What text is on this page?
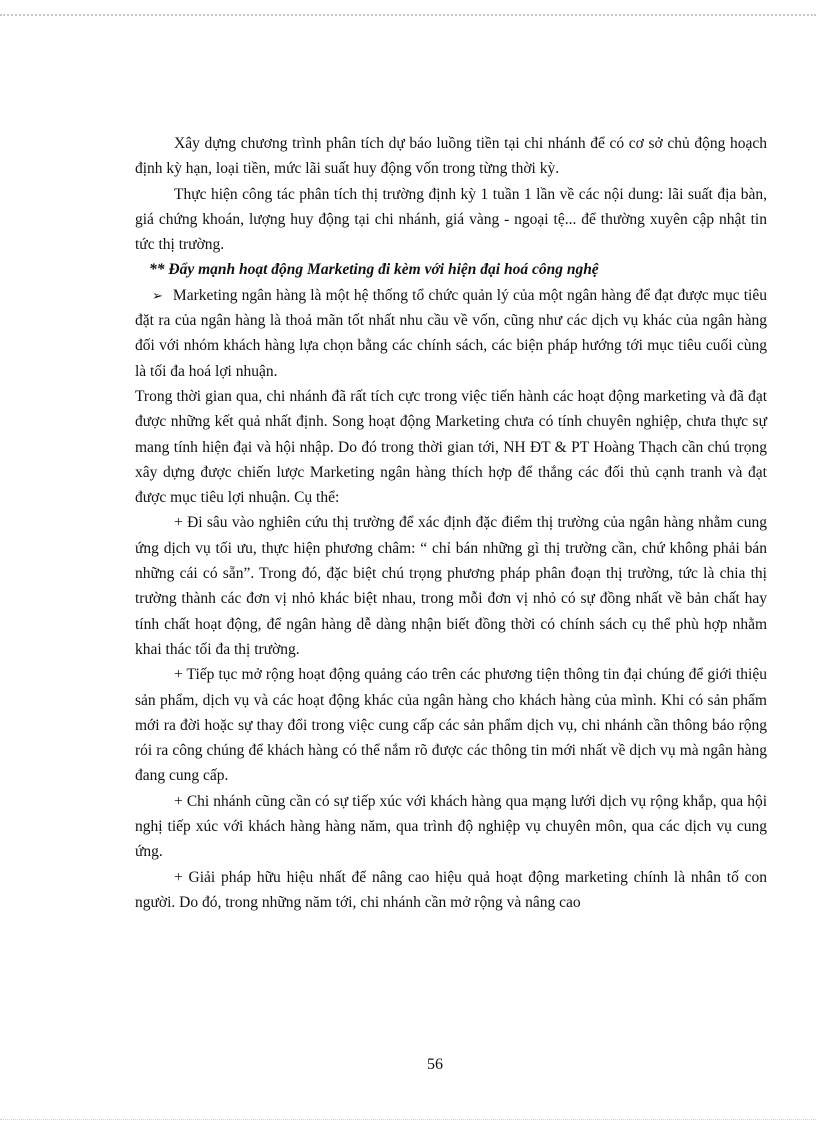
Xây dựng chương trình phân tích dự báo luồng tiền tại chi nhánh để có cơ sở chủ động hoạch định kỳ hạn, loại tiền, mức lãi suất huy động vốn trong từng thời kỳ.

Thực hiện công tác phân tích thị trường định kỳ 1 tuần 1 lần về các nội dung: lãi suất địa bàn, giá chứng khoán, lượng huy động tại chi nhánh, giá vàng - ngoại tệ... để thường xuyên cập nhật tin tức thị trường.

** Đẩy mạnh hoạt động Marketing đi kèm với hiện đại hoá công nghệ

➢ Marketing ngân hàng là một hệ thống tổ chức quản lý của một ngân hàng để đạt được mục tiêu đặt ra của ngân hàng là thoả mãn tốt nhất nhu cầu về vốn, cũng như các dịch vụ khác của ngân hàng đối với nhóm khách hàng lựa chọn bằng các chính sách, các biện pháp hướng tới mục tiêu cuối cùng là tối đa hoá lợi nhuận.

Trong thời gian qua, chi nhánh đã rất tích cực trong việc tiến hành các hoạt động marketing và đã đạt được những kết quả nhất định. Song hoạt động Marketing chưa có tính chuyên nghiệp, chưa thực sự mang tính hiện đại và hội nhập. Do đó trong thời gian tới, NH ĐT & PT Hoàng Thạch cần chú trọng xây dựng được chiến lược Marketing ngân hàng thích hợp để thắng các đối thủ cạnh tranh và đạt được mục tiêu lợi nhuận. Cụ thể:

+ Đi sâu vào nghiên cứu thị trường để xác định đặc điểm thị trường của ngân hàng nhằm cung ứng dịch vụ tối ưu, thực hiện phương châm: “ chỉ bán những gì thị trường cần, chứ không phải bán những cái có sẵn”. Trong đó, đặc biệt chú trọng phương pháp phân đoạn thị trường, tức là chia thị trường thành các đơn vị nhỏ khác biệt nhau, trong mỗi đơn vị nhỏ có sự đồng nhất về bản chất hay tính chất hoạt động, để ngân hàng dễ dàng nhận biết đồng thời có chính sách cụ thể phù hợp nhằm khai thác tối đa thị trường.

+ Tiếp tục mở rộng hoạt động quảng cáo trên các phương tiện thông tin đại chúng để giới thiệu sản phẩm, dịch vụ và các hoạt động khác của ngân hàng cho khách hàng của mình. Khi có sản phẩm mới ra đời hoặc sự thay đổi trong việc cung cấp các sản phẩm dịch vụ, chi nhánh cần thông báo rộng rói ra công chúng để khách hàng có thể nắm rõ được các thông tin mới nhất về dịch vụ mà ngân hàng đang cung cấp.

+ Chi nhánh cũng cần có sự tiếp xúc với khách hàng qua mạng lưới dịch vụ rộng khắp, qua hội nghị tiếp xúc với khách hàng hàng năm, qua trình độ nghiệp vụ chuyên môn, qua các dịch vụ cung ứng.

+ Giải pháp hữu hiệu nhất để nâng cao hiệu quả hoạt động marketing chính là nhân tố con người. Do đó, trong những năm tới, chi nhánh cần mở rộng và nâng cao

56
